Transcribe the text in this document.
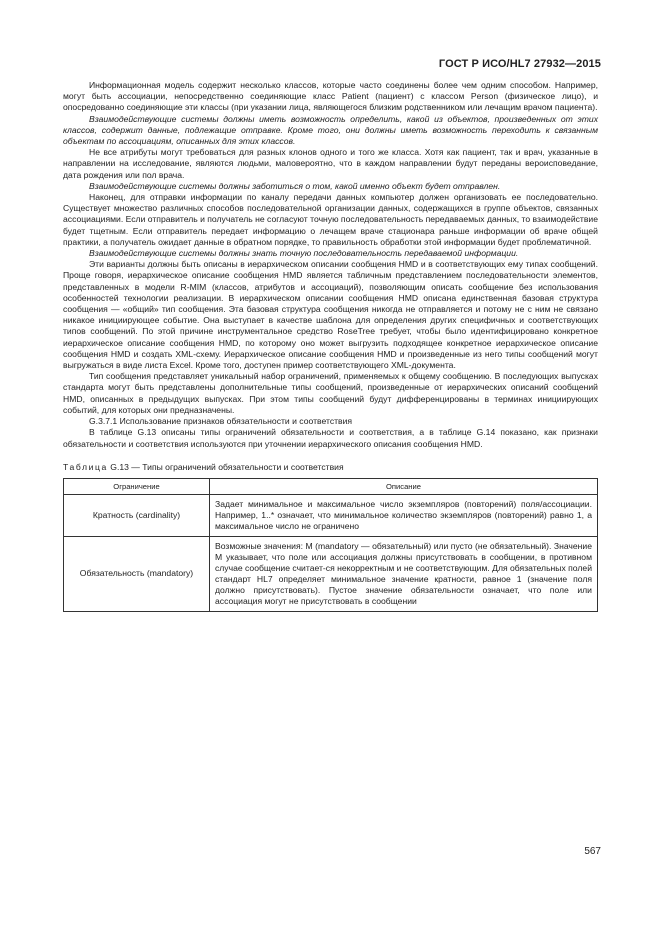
ГОСТ Р ИСО/HL7 27932—2015

Информационная модель содержит несколько классов, которые часто соединены более чем одним способом. Например, могут быть ассоциации, непосредственно соединяющие класс Patient (пациент) с классом Person (физическое лицо), и опосредованно соединяющие эти классы (при указании лица, являющегося близким родственником или лечащим врачом пациента).

Взаимодействующие системы должны иметь возможность определить, какой из объектов, произведенных от этих классов, содержит данные, подлежащие отправке. Кроме того, они должны иметь возможность переходить к связанным объектам по ассоциациям, описанных для этих классов.

Не все атрибуты могут требоваться для разных клонов одного и того же класса. Хотя как пациент, так и врач, указанные в направлении на исследование, являются людьми, маловероятно, что в каждом направлении будут переданы вероисповедание, дата рождения или пол врача.

Взаимодействующие системы должны заботиться о том, какой именно объект будет отправлен.

Наконец, для отправки информации по каналу передачи данных компьютер должен организовать ее последовательно. Существует множество различных способов последовательной организации данных, содержащихся в группе объектов, связанных ассоциациями. Если отправитель и получатель не согласуют точную последовательность передаваемых данных, то взаимодействие будет тщетным. Если отправитель передает информацию о лечащем враче стационара раньше информации об враче общей практики, а получатель ожидает данные в обратном порядке, то правильность обработки этой информации будет проблематичной.

Взаимодействующие системы должны знать точную последовательность передаваемой информации.

Эти варианты должны быть описаны в иерархическом описании сообщения HMD и в соответствующих ему типах сообщений. Проще говоря, иерархическое описание сообщения HMD является табличным представлением последовательности элементов, представленных в модели R-MIM (классов, атрибутов и ассоциаций), позволяющим описать сообщение без использования особенностей технологии реализации. В иерархическом описании сообщения HMD описана единственная базовая структура сообщения — «общий» тип сообщения. Эта базовая структура сообщения никогда не отправляется и потому не с ним не связано никакое инициирующее событие. Она выступает в качестве шаблона для определения других специфичных и соответствующих типов сообщений. По этой причине инструментальное средство RoseTree требует, чтобы было идентифицировано конкретное иерархическое описание сообщения HMD, по которому оно может выгрузить подходящее конкретное иерархическое описание сообщения HMD и создать XML-схему. Иерархическое описание сообщения HMD и произведенные из него типы сообщений могут выгружаться в виде листа Excel. Кроме того, доступен пример соответствующего XML-документа.

Тип сообщения представляет уникальный набор ограничений, применяемых к общему сообщению. В последующих выпусках стандарта могут быть представлены дополнительные типы сообщений, произведенные от иерархических описаний сообщений HMD, описанных в предыдущих выпусках. При этом типы сообщений будут дифференцированы в терминах инициирующих событий, для которых они предназначены.

G.3.7.1 Использование признаков обязательности и соответствия

В таблице G.13 описаны типы ограничений обязательности и соответствия, а в таблице G.14 показано, как признаки обязательности и соответствия используются при уточнении иерархического описания сообщения HMD.

Таблица G.13 — Типы ограничений обязательности и соответствия
Ограничение	Описание
Кратность (cardinality)	Задает минимальное и максимальное число экземпляров (повторений) поля/ассоциации. Например, 1..* означает, что минимальное количество экземпляров (повторений) равно 1, а максимальное число не ограничено
Обязательность (mandatory)	Возможные значения: М (mandatory — обязательный) или пусто (не обязательный). Значение М указывает, что поле или ассоциация должны присутствовать в сообщении, в противном случае сообщение считает-ся некорректным и не соответствующим. Для обязательных полей стандарт HL7 определяет минимальное значение кратности, равное 1 (значение поля должно присутствовать). Пустое значение обязательности означает, что поле или ассоциация могут не присутствовать в сообщении
567
